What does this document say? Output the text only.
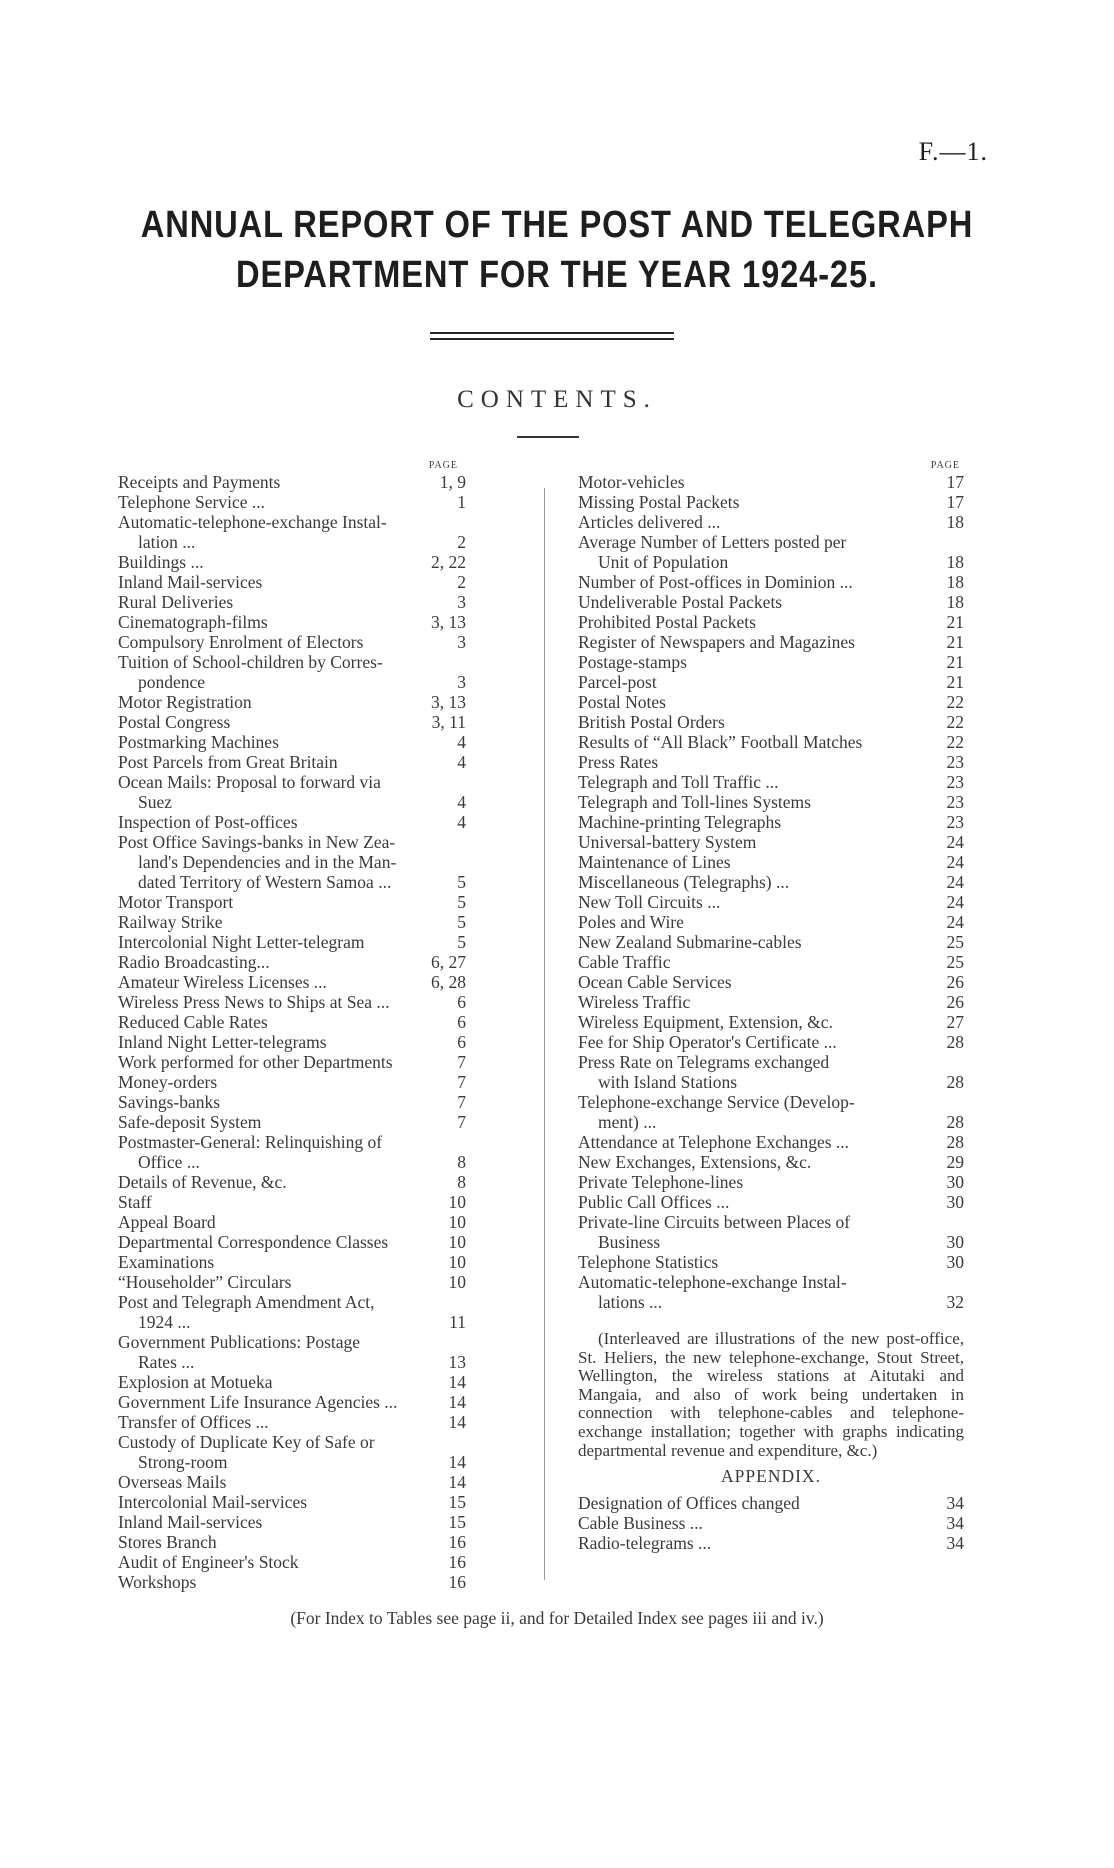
F.—1.
ANNUAL REPORT OF THE POST AND TELEGRAPH
DEPARTMENT FOR THE YEAR 1924-25.
CONTENTS.
PAGE
Receipts and Payments	1, 9
Telephone Service ...	1
Automatic-telephone-exchange Instal-
lation ...	2
Buildings ...	2, 22
Inland Mail-services	2
Rural Deliveries	3
Cinematograph-films	3, 13
Compulsory Enrolment of Electors	3
Tuition of School-children by Corres-
pondence	3
Motor Registration	3, 13
Postal Congress	3, 11
Postmarking Machines	4
Post Parcels from Great Britain	4
Ocean Mails: Proposal to forward via
Suez	4
Inspection of Post-offices	4
Post Office Savings-banks in New Zea-
land's Dependencies and in the Man- dated Territory of Western Samoa ...	5
Motor Transport	5
Railway Strike	5
Intercolonial Night Letter-telegram	5
Radio Broadcasting...	6, 27
Amateur Wireless Licenses ...	6, 28
Wireless Press News to Ships at Sea ...	6
Reduced Cable Rates	6
Inland Night Letter-telegrams	6
Work performed for other Departments	7
Money-orders	7
Savings-banks	7
Safe-deposit System	7
Postmaster-General: Relinquishing of
Office ...	8
Details of Revenue, &c.	8
Staff	10
Appeal Board	10
Departmental Correspondence Classes	10
Examinations	10
“Householder” Circulars	10
Post and Telegraph Amendment Act,
1924 ...	11
Government Publications: Postage
Rates ...	13
Explosion at Motueka	14
Government Life Insurance Agencies ...	14
Transfer of Offices ...	14
Custody of Duplicate Key of Safe or
Strong-room	14
Overseas Mails	14
Intercolonial Mail-services	15
Inland Mail-services	15
Stores Branch	16
Audit of Engineer's Stock	16
Workshops	16
PAGE
Motor-vehicles	17
Missing Postal Packets	17
Articles delivered ...	18
Average Number of Letters posted per
Unit of Population	18
Number of Post-offices in Dominion ...	18
Undeliverable Postal Packets	18
Prohibited Postal Packets	21
Register of Newspapers and Magazines	21
Postage-stamps	21
Parcel-post	21
Postal Notes	22
British Postal Orders	22
Results of “All Black” Football Matches	22
Press Rates	23
Telegraph and Toll Traffic ...	23
Telegraph and Toll-lines Systems	23
Machine-printing Telegraphs	23
Universal-battery System	24
Maintenance of Lines	24
Miscellaneous (Telegraphs) ...	24
New Toll Circuits ...	24
Poles and Wire	24
New Zealand Submarine-cables	25
Cable Traffic	25
Ocean Cable Services	26
Wireless Traffic	26
Wireless Equipment, Extension, &c.	27
Fee for Ship Operator's Certificate ...	28
Press Rate on Telegrams exchanged
with Island Stations	28
Telephone-exchange Service (Develop-
ment) ...	28
Attendance at Telephone Exchanges ...	28
New Exchanges, Extensions, &c.	29
Private Telephone-lines	30
Public Call Offices ...	30
Private-line Circuits between Places of
Business	30
Telephone Statistics	30
Automatic-telephone-exchange Instal-
lations ...	32
(Interleaved are illustrations of the new post-office, St. Heliers, the new telephone-exchange, Stout Street, Wellington, the wireless stations at Aitutaki and Mangaia, and also of work being undertaken in connection with telephone-cables and telephone-exchange installation; together with graphs indicating departmental revenue and expenditure, &c.)
APPENDIX.
Designation of Offices changed	34
Cable Business ...	34
Radio-telegrams ...	34
(For Index to Tables see page ii, and for Detailed Index see pages iii and iv.)
